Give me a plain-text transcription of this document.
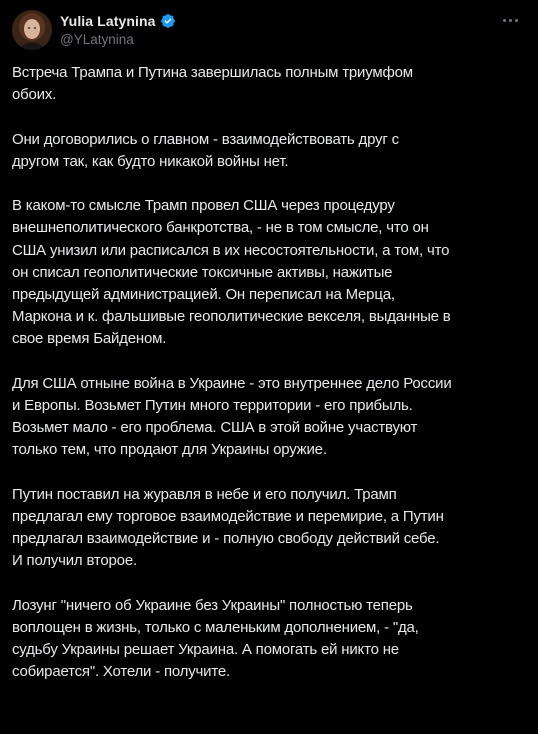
Yulia Latynina
@YLatynina

Встреча Трампа и Путина завершилась полным триумфом
обоих.

Они договорились о главном - взаимодействовать друг с
другом так, как будто никакой войны нет.

В каком-то смысле Трамп провел США через процедуру
внешнеполитического банкротства, - не в том смысле, что он
США унизил или расписался в их несостоятельности, а том, что
он списал геополитические токсичные активы, нажитые
предыдущей администрацией. Он переписал на Мерца,
Маркона и к. фальшивые геополитические векселя, выданные в
свое время Байденом.

Для США отныне война в Украине - это внутреннее дело России
и Европы. Возьмет Путин много территории - его прибыль.
Возьмет мало - его проблема. США в этой войне участвуют
только тем, что продают для Украины оружие.

Путин поставил на журавля в небе и его получил. Трамп
предлагал ему торговое взаимодействие и перемирие, а Путин
предлагал взаимодействие и - полную свободу действий себе.
И получил второе.

Лозунг "ничего об Украине без Украины" полностью теперь
воплощен в жизнь, только с маленьким дополнением, - "да,
судьбу Украины решает Украина. А помогать ей никто не
собирается". Хотели - получите.
